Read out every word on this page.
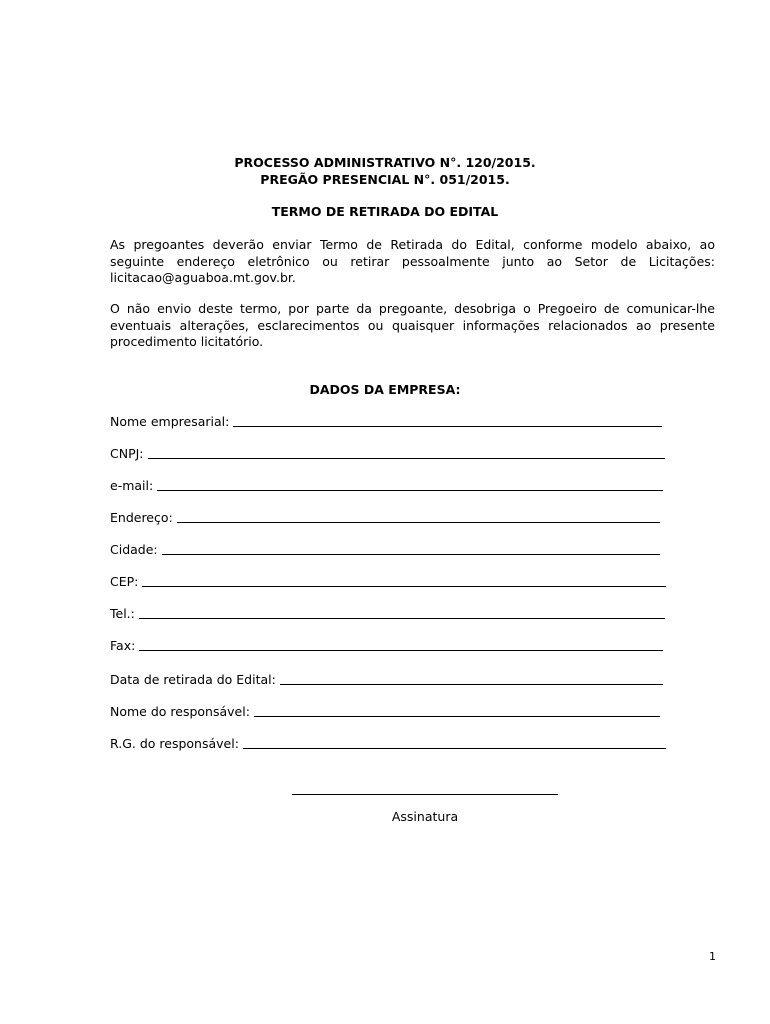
PROCESSO ADMINISTRATIVO N°. 120/2015.
PREGÃO PRESENCIAL N°. 051/2015.
TERMO DE RETIRADA DO EDITAL
As pregoantes deverão enviar Termo de Retirada do Edital, conforme modelo abaixo, ao seguinte endereço eletrônico ou retirar pessoalmente junto ao Setor de Licitações: licitacao@aguaboa.mt.gov.br.
O não envio deste termo, por parte da pregoante, desobriga o Pregoeiro de comunicar-lhe eventuais alterações, esclarecimentos ou quaisquer informações relacionados ao presente procedimento licitatório.
DADOS DA EMPRESA:
Nome empresarial:
CNPJ:
e-mail:
Endereço:
Cidade:
CEP:
Tel.:
Fax:
Data de retirada do Edital:
Nome do responsável:
R.G. do responsável:
Assinatura
1
